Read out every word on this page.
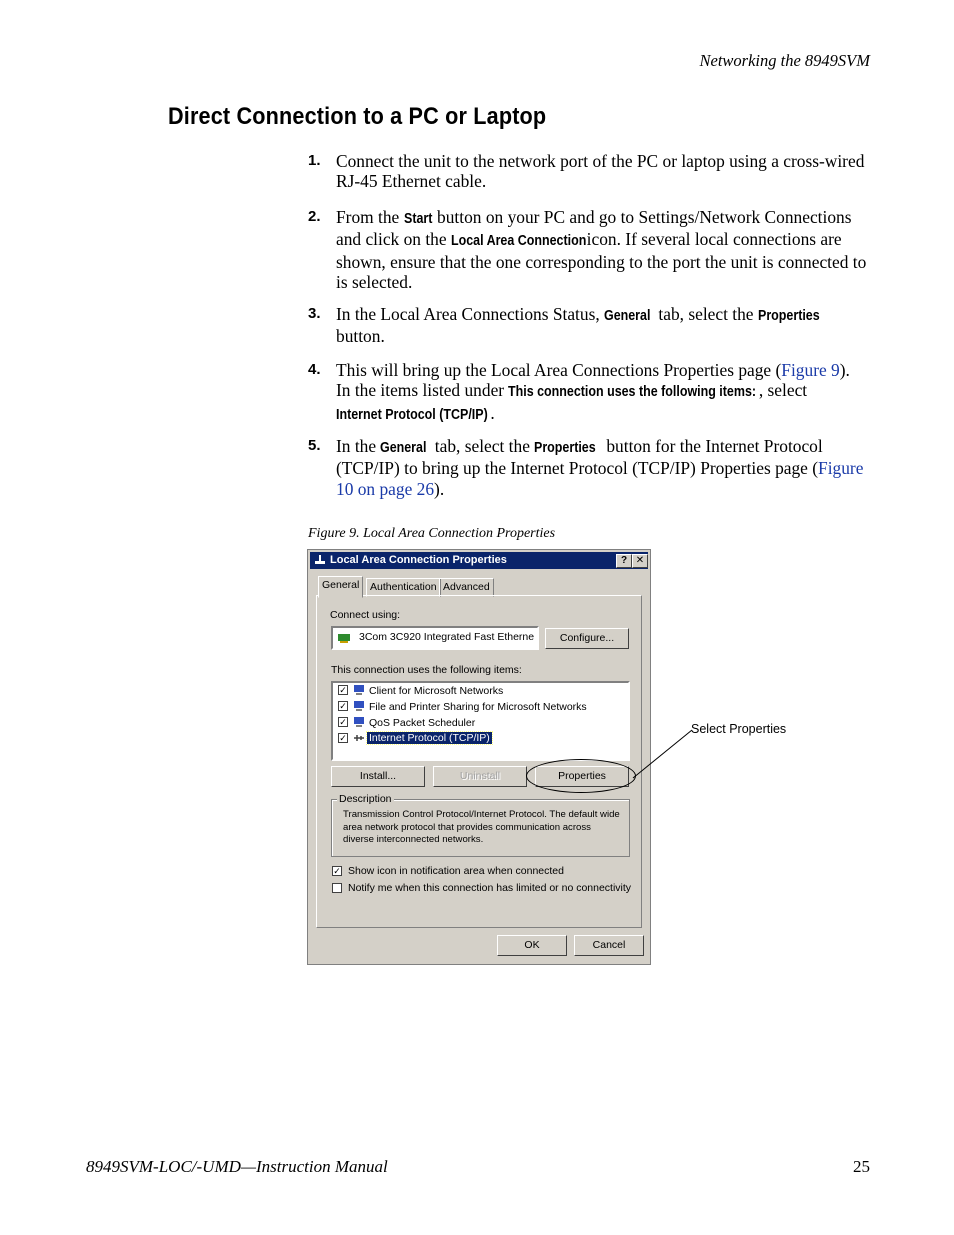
Networking the 8949SVM
Direct Connection to a PC or Laptop
1. Connect the unit to the network port of the PC or laptop using a cross-wired RJ-45 Ethernet cable.
2. From the Start button on your PC and go to Settings/Network Connections and click on the Local Area Connection icon. If several local connections are shown, ensure that the one corresponding to the port the unit is connected to is selected.
3. In the Local Area Connections Status, General tab, select the Properties button.
4. This will bring up the Local Area Connections Properties page (Figure 9). In the items listed under This connection uses the following items: , select Internet Protocol (TCP/IP) .
5. In the General tab, select the Properties button for the Internet Protocol (TCP/IP) to bring up the Internet Protocol (TCP/IP) Properties page (Figure 10 on page 26).
Figure 9. Local Area Connection Properties
Local Area Connection Properties	? ✕
General	Authentication Advanced
Connect using:
3Com 3C920 Integrated Fast Etherne	Configure...
This connection uses the following items:
✓ Client for Microsoft Networks
✓ File and Printer Sharing for Microsoft Networks
✓ QoS Packet Scheduler
✓ Internet Protocol (TCP/IP)
Install...	Uninstall	Properties
Description
Transmission Control Protocol/Internet Protocol. The default wide area network protocol that provides communication across diverse interconnected networks.
✓ Show icon in notification area when connected
Notify me when this connection has limited or no connectivity
OK	Cancel
Select Properties
8949SVM-LOC/-UMD—Instruction Manual	25
